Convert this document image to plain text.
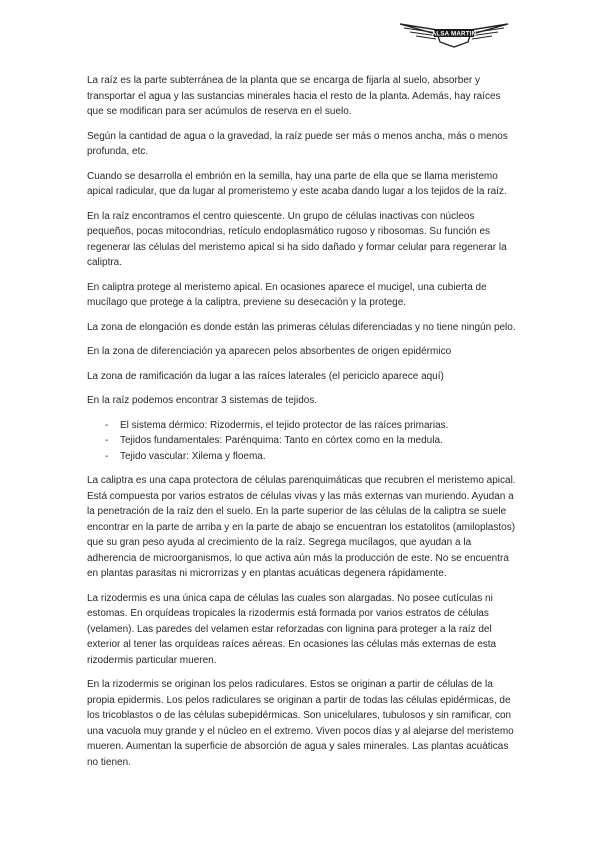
ALSA MARTIN

La raíz es la parte subterránea de la planta que se encarga de fijarla al suelo, absorber y transportar el agua y las sustancias minerales hacia el resto de la planta. Además, hay raíces que se modifican para ser acúmulos de reserva en el suelo.

Según la cantidad de agua o la gravedad, la raíz puede ser más o menos ancha, más o menos profunda, etc.

Cuando se desarrolla el embrión en la semilla, hay una parte de ella que se llama meristemo apical radicular, que da lugar al promeristemo y este acaba dando lugar a los tejidos de la raíz.

En la raíz encontramos el centro quiescente. Un grupo de células inactivas con núcleos pequeños, pocas mitocondrias, retículo endoplasmático rugoso y ribosomas. Su función es regenerar las células del meristemo apical si ha sido dañado y formar celular para regenerar la caliptra.

En caliptra protege al meristemo apical. En ocasiones aparece el mucigel, una cubierta de mucílago que protege a la caliptra, previene su desecación y la protege.

La zona de elongación es donde están las primeras células diferenciadas y no tiene ningún pelo.

En la zona de diferenciación ya aparecen pelos absorbentes de origen epidérmico

La zona de ramificación da lugar a las raíces laterales (el periciclo aparece aquí)

En la raíz podemos encontrar 3 sistemas de tejidos.

- El sistema dérmico: Rizodermis, el tejido protector de las raíces primarias.
- Tejidos fundamentales: Parénquima: Tanto en córtex como en la medula.
- Tejido vascular: Xilema y floema.

La caliptra es una capa protectora de células parenquimáticas que recubren el meristemo apical. Está compuesta por varios estratos de células vivas y las más externas van muriendo. Ayudan a la penetración de la raíz den el suelo. En la parte superior de las células de la caliptra se suele encontrar en la parte de arriba y en la parte de abajo se encuentran los estatolitos (amiloplastos) que su gran peso ayuda al crecimiento de la raíz. Segrega mucílagos, que ayudan a la adherencia de microorganismos, lo que activa aún más la producción de este. No se encuentra en plantas parasitas ni microrrizas y en plantas acuáticas degenera rápidamente.

La rizodermis es una única capa de células las cuales son alargadas. No posee cutículas ni estomas. En orquídeas tropicales la rizodermis está formada por varios estratos de células (velamen). Las paredes del velamen estar reforzadas con lignina para proteger a la raíz del exterior al tener las orquídeas raíces aéreas. En ocasiones las células más externas de esta rizodermis particular mueren.

En la rizodermis se originan los pelos radiculares. Estos se originan a partir de células de la propia epidermis. Los pelos radiculares se originan a partir de todas las células epidérmicas, de los tricoblastos o de las células subepidérmicas. Son unicelulares, tubulosos y sin ramificar, con una vacuola muy grande y el núcleo en el extremo. Viven pocos días y al alejarse del meristemo mueren. Aumentan la superficie de absorción de agua y sales minerales. Las plantas acuáticas no tienen.
